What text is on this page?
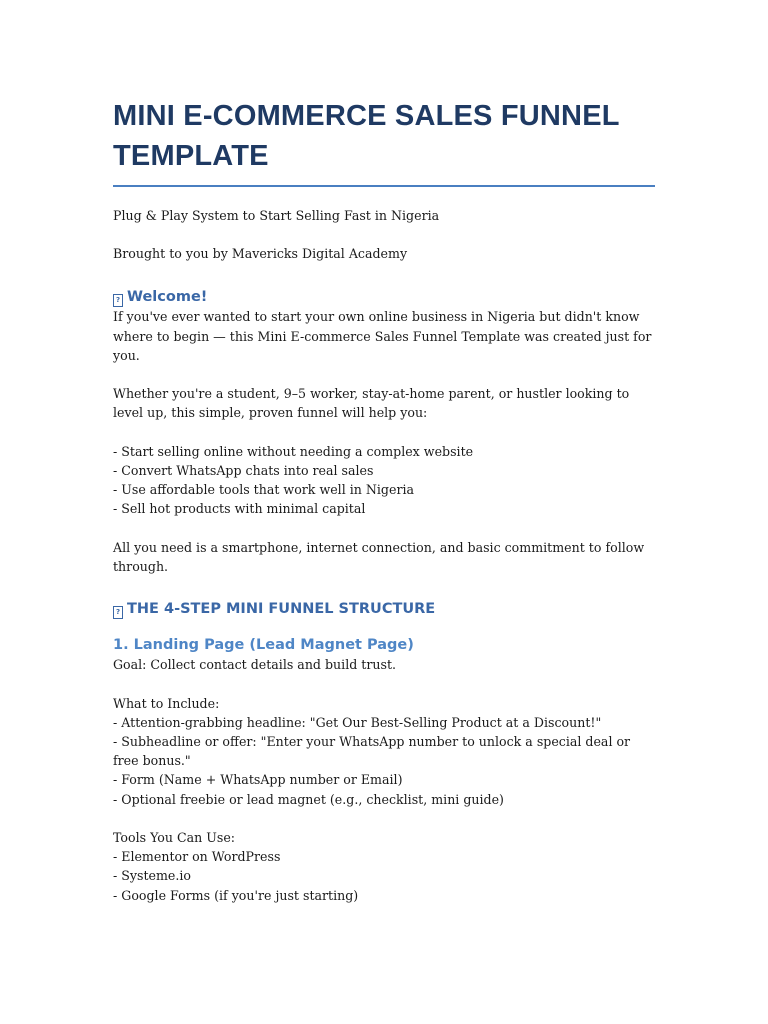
MINI E-COMMERCE SALES FUNNEL TEMPLATE

Plug & Play System to Start Selling Fast in Nigeria

Brought to you by Mavericks Digital Academy

? Welcome!

If you've ever wanted to start your own online business in Nigeria but didn't know where to begin — this Mini E-commerce Sales Funnel Template was created just for you.

Whether you're a student, 9–5 worker, stay-at-home parent, or hustler looking to level up, this simple, proven funnel will help you:

- Start selling online without needing a complex website
- Convert WhatsApp chats into real sales
- Use affordable tools that work well in Nigeria
- Sell hot products with minimal capital

All you need is a smartphone, internet connection, and basic commitment to follow through.

? THE 4-STEP MINI FUNNEL STRUCTURE
1. Landing Page (Lead Magnet Page)

Goal: Collect contact details and build trust.

What to Include:

- Attention-grabbing headline: "Get Our Best-Selling Product at a Discount!"
- Subheadline or offer: "Enter your WhatsApp number to unlock a special deal or free bonus."
- Form (Name + WhatsApp number or Email)
- Optional freebie or lead magnet (e.g., checklist, mini guide)

Tools You Can Use:

- Elementor on WordPress
- Systeme.io
- Google Forms (if you're just starting)
